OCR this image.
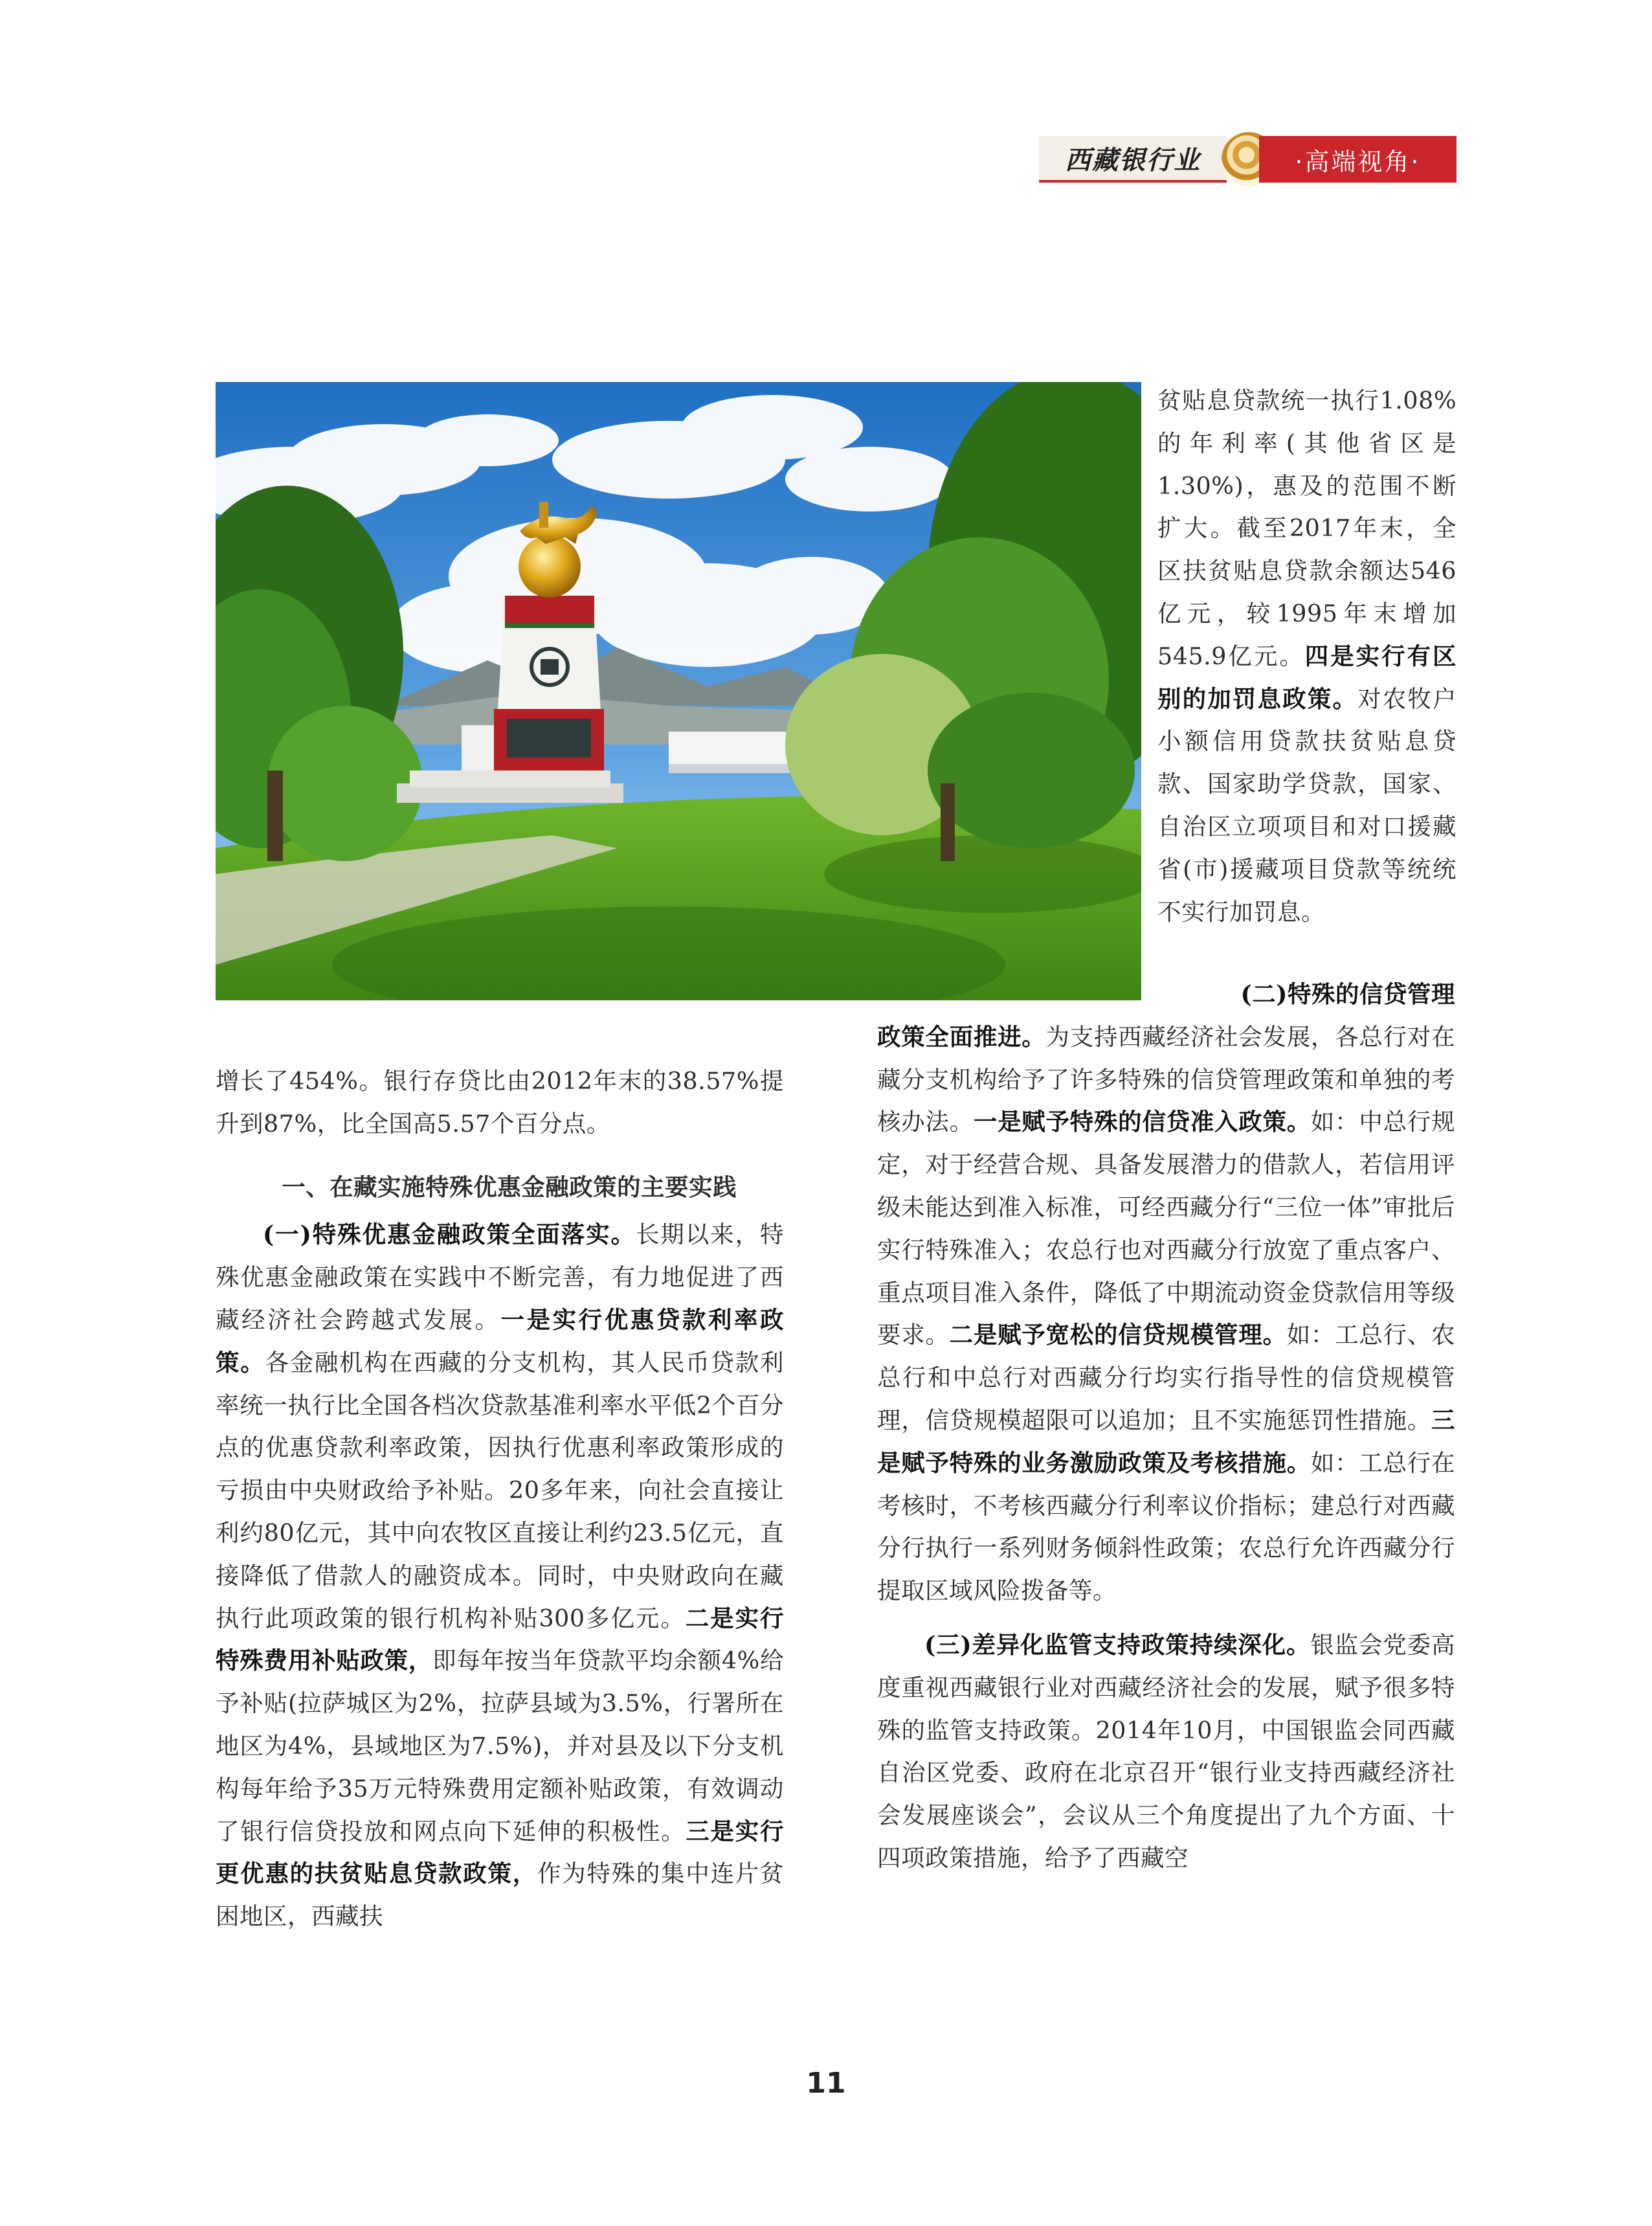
西藏银行业	·高端视角·

贫贴息贷款统一执行1.08%的年利率(其他省区是1.30%)，惠及的范围不断扩大。截至2017年末，全区扶贫贴息贷款余额达546亿元，较1995年末增加545.9亿元。四是实行有区别的加罚息政策。对农牧户小额信用贷款扶贫贴息贷款、国家助学贷款，国家、自治区立项项目和对口援藏省(市)援藏项目贷款等统统不实行加罚息。

增长了454%。银行存贷比由2012年末的38.57%提升到87%，比全国高5.57个百分点。

一、在藏实施特殊优惠金融政策的主要实践

(一)特殊优惠金融政策全面落实。长期以来，特殊优惠金融政策在实践中不断完善，有力地促进了西藏经济社会跨越式发展。一是实行优惠贷款利率政策。各金融机构在西藏的分支机构，其人民币贷款利率统一执行比全国各档次贷款基准利率水平低2个百分点的优惠贷款利率政策，因执行优惠利率政策形成的亏损由中央财政给予补贴。20多年来，向社会直接让利约80亿元，其中向农牧区直接让利约23.5亿元，直接降低了借款人的融资成本。同时，中央财政向在藏执行此项政策的银行机构补贴300多亿元。二是实行特殊费用补贴政策，即每年按当年贷款平均余额4%给予补贴(拉萨城区为2%，拉萨县域为3.5%，行署所在地区为4%，县域地区为7.5%)，并对县及以下分支机构每年给予35万元特殊费用定额补贴政策，有效调动了银行信贷投放和网点向下延伸的积极性。三是实行更优惠的扶贫贴息贷款政策，作为特殊的集中连片贫困地区，西藏扶

(二)特殊的信贷管理

政策全面推进。为支持西藏经济社会发展，各总行对在藏分支机构给予了许多特殊的信贷管理政策和单独的考核办法。一是赋予特殊的信贷准入政策。如：中总行规定，对于经营合规、具备发展潜力的借款人，若信用评级未能达到准入标准，可经西藏分行“三位一体”审批后实行特殊准入；农总行也对西藏分行放宽了重点客户、重点项目准入条件，降低了中期流动资金贷款信用等级要求。二是赋予宽松的信贷规模管理。如：工总行、农总行和中总行对西藏分行均实行指导性的信贷规模管理，信贷规模超限可以追加；且不实施惩罚性措施。三是赋予特殊的业务激励政策及考核措施。如：工总行在考核时，不考核西藏分行利率议价指标；建总行对西藏分行执行一系列财务倾斜性政策；农总行允许西藏分行提取区域风险拨备等。

(三)差异化监管支持政策持续深化。银监会党委高度重视西藏银行业对西藏经济社会的发展，赋予很多特殊的监管支持政策。2014年10月，中国银监会同西藏自治区党委、政府在北京召开“银行业支持西藏经济社会发展座谈会”，会议从三个角度提出了九个方面、十四项政策措施，给予了西藏空

11
